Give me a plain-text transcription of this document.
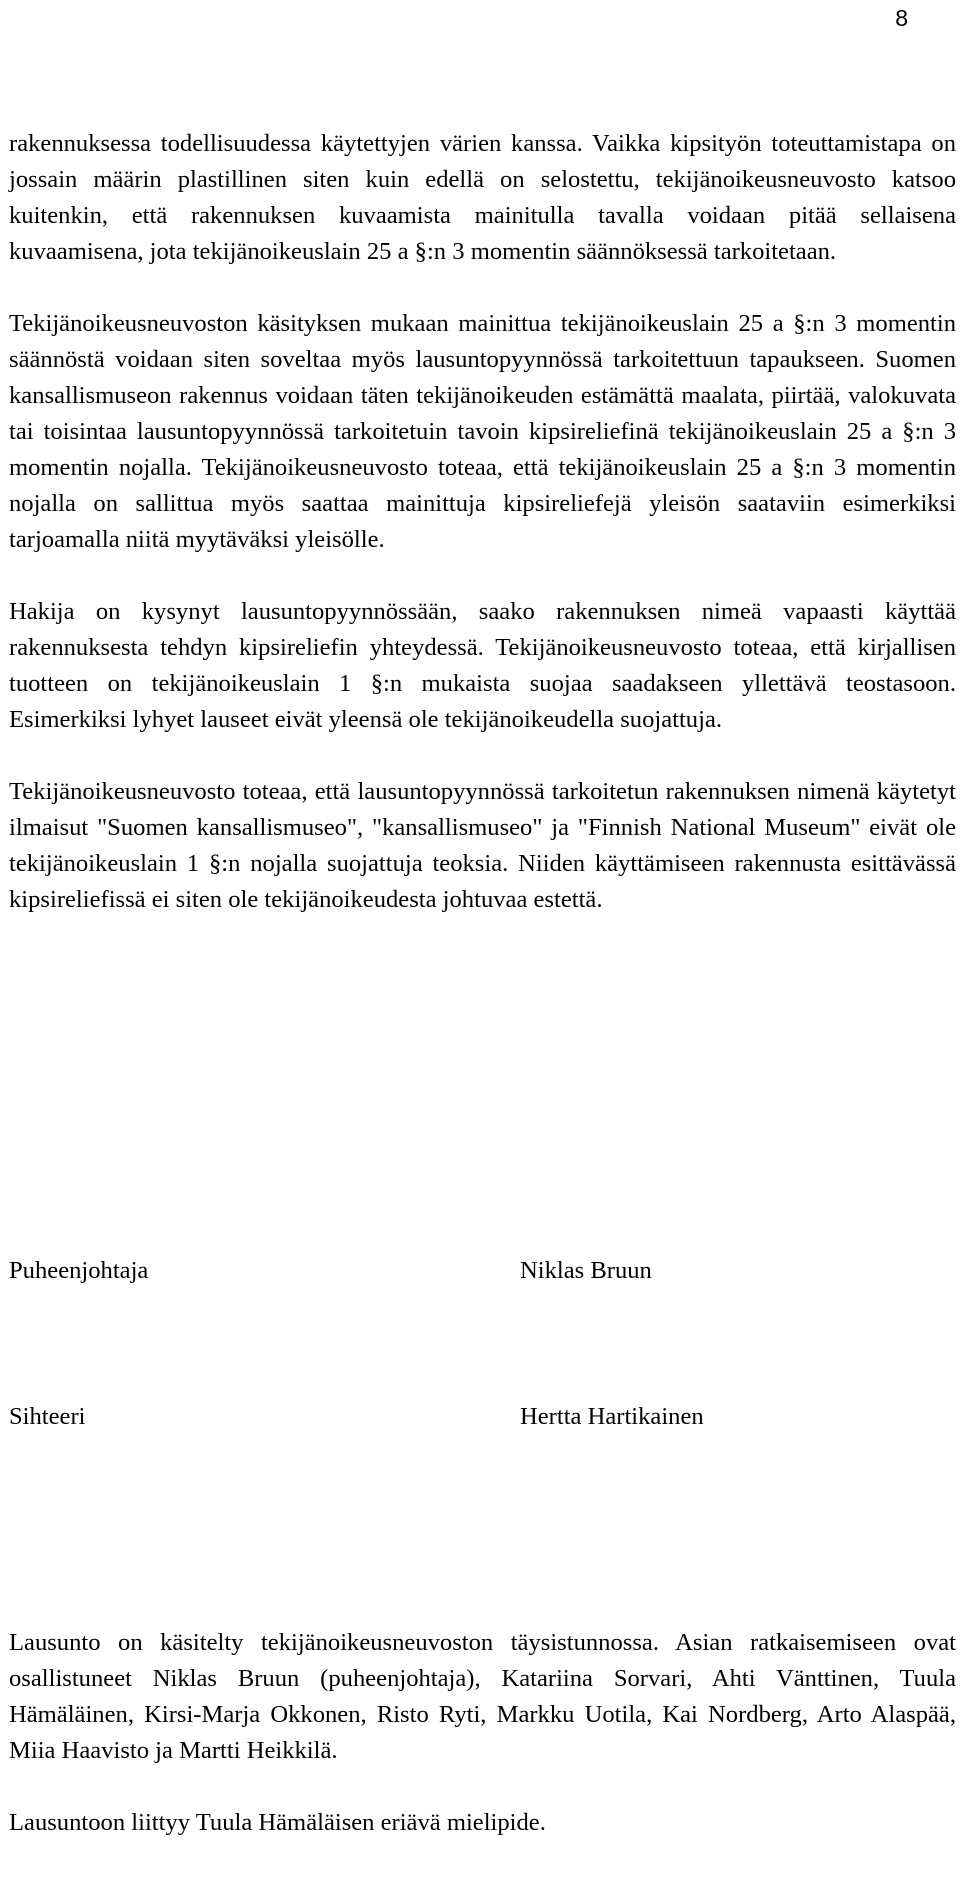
8

rakennuksessa todellisuudessa käytettyjen värien kanssa. Vaikka kipsityön toteuttamistapa on jossain määrin plastillinen siten kuin edellä on selostettu, tekijänoikeusneuvosto katsoo kuitenkin, että rakennuksen kuvaamista mainitulla tavalla voidaan pitää sellaisena kuvaamisena, jota tekijänoikeuslain 25 a §:n 3 momentin säännöksessä tarkoitetaan.

Tekijänoikeusneuvoston käsityksen mukaan mainittua tekijänoikeuslain 25 a §:n 3 momentin säännöstä voidaan siten soveltaa myös lausuntopyynnössä tarkoitettuun tapaukseen. Suomen kansallismuseon rakennus voidaan täten tekijänoikeuden estämättä maalata, piirtää, valokuvata tai toisintaa lausuntopyynnössä tarkoitetuin tavoin kipsireliefinä tekijänoikeuslain 25 a §:n 3 momentin nojalla. Tekijänoikeusneuvosto toteaa, että tekijänoikeuslain 25 a §:n 3 momentin nojalla on sallittua myös saattaa mainittuja kipsireliefejä yleisön saataviin esimerkiksi tarjoamalla niitä myytäväksi yleisölle.

Hakija on kysynyt lausuntopyynnössään, saako rakennuksen nimeä vapaasti käyttää rakennuksesta tehdyn kipsireliefin yhteydessä. Tekijänoikeusneuvosto toteaa, että kirjallisen tuotteen on tekijänoikeuslain 1 §:n mukaista suojaa saadakseen yllettävä teostasoon. Esimerkiksi lyhyet lauseet eivät yleensä ole tekijänoikeudella suojattuja.

Tekijänoikeusneuvosto toteaa, että lausuntopyynnössä tarkoitetun rakennuksen nimenä käytetyt ilmaisut "Suomen kansallismuseo", "kansallismuseo" ja "Finnish National Museum" eivät ole tekijänoikeuslain 1 §:n nojalla suojattuja teoksia. Niiden käyttämiseen rakennusta esittävässä kipsireliefissä ei siten ole tekijänoikeudesta johtuvaa estettä.

Puheenjohtaja	Niklas Bruun
Sihteeri	Hertta Hartikainen

Lausunto on käsitelty tekijänoikeusneuvoston täysistunnossa. Asian ratkaisemiseen ovat osallistuneet Niklas Bruun (puheenjohtaja), Katariina Sorvari, Ahti Vänttinen, Tuula Hämäläinen, Kirsi-Marja Okkonen, Risto Ryti, Markku Uotila, Kai Nordberg, Arto Alaspää, Miia Haavisto ja Martti Heikkilä.

Lausuntoon liittyy Tuula Hämäläisen eriävä mielipide.
